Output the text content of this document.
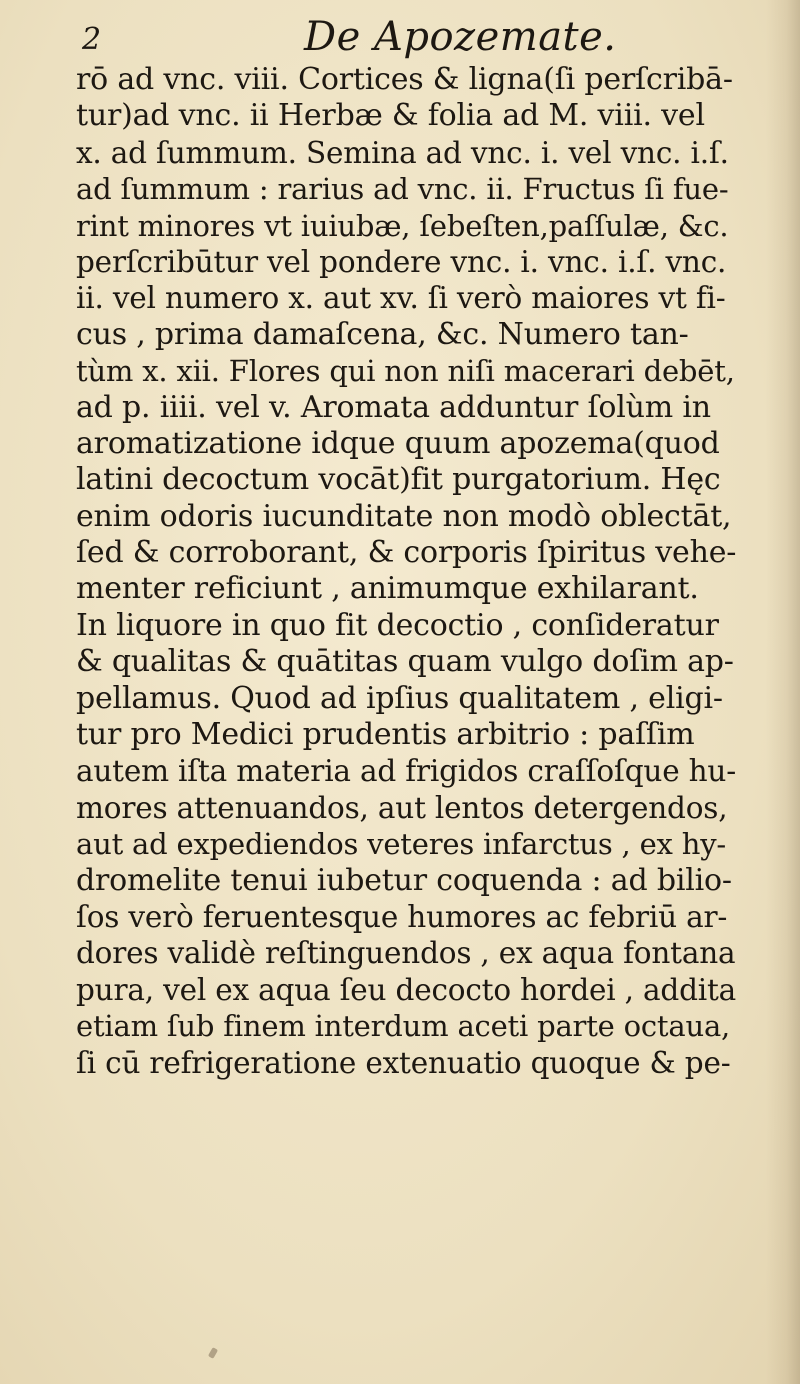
2	De Apozemate.
rō ad vnc. viii. Cortices & ligna(ſi perſcribā-
tur)ad vnc. ii Herbæ & folia ad M. viii. vel
x. ad ſummum. Semina ad vnc. i. vel vnc. i.ſ.
ad ſummum : rarius ad vnc. ii. Fructus ſi fue-
rint minores vt iuiubæ, ſebeſten,paſſulæ, &c.
perſcribūtur vel pondere vnc. i. vnc. i.ſ. vnc.
ii. vel numero x. aut xv. ſi verò maiores vt fi-
cus , prima damaſcena, &c. Numero tan-
tùm x. xii. Flores qui non niſi macerari debēt,
ad p. iiii. vel v. Aromata adduntur ſolùm in
aromatizatione idque quum apozema(quod
latini decoctum vocāt)fit purgatorium. Hęc
enim odoris iucunditate non modò oblectāt,
ſed & corroborant, & corporis ſpiritus vehe-
menter reficiunt , animumque exhilarant.
In liquore in quo fit decoctio , conſideratur
& qualitas & quātitas quam vulgo doſim ap-
pellamus. Quod ad ipſius qualitatem , eligi-
tur pro Medici prudentis arbitrio : paſſim
autem iſta materia ad frigidos craſſoſque hu-
mores attenuandos, aut lentos detergendos,
aut ad expediendos veteres infarctus , ex hy-
dromelite tenui iubetur coquenda : ad bilio-
ſos verò feruentesque humores ac febriū ar-
dores validè reſtinguendos , ex aqua fontana
pura, vel ex aqua ſeu decocto hordei , addita
etiam ſub finem interdum aceti parte octaua,
ſi cū refrigeratione extenuatio quoque & pe-
